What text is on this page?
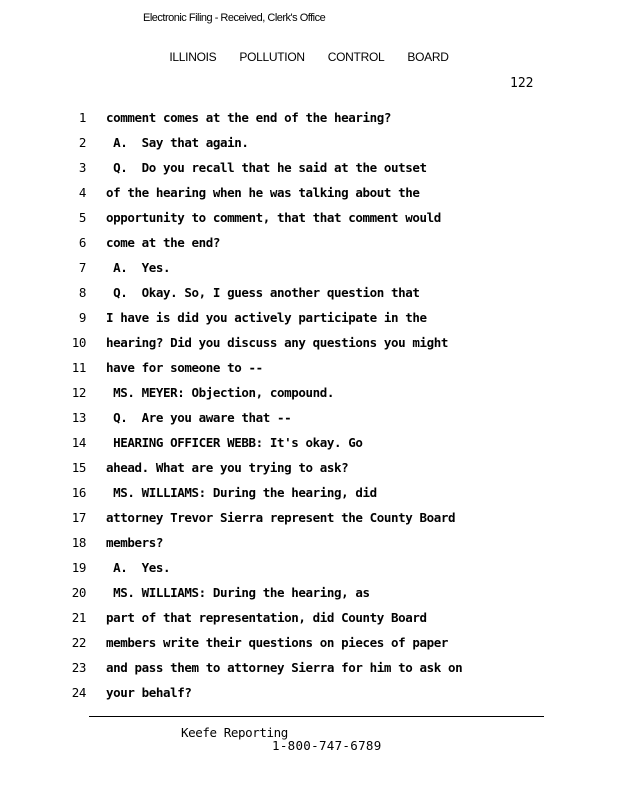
Electronic Filing - Received, Clerk's Office
ILLINOIS POLLUTION CONTROL BOARD
122
1 comment comes at the end of the hearing?
2 A.  Say that again.
3 Q.  Do you recall that he said at the outset
4 of the hearing when he was talking about the
5 opportunity to comment, that that comment would
6 come at the end?
7 A.  Yes.
8 Q.  Okay. So, I guess another question that
9 I have is did you actively participate in the
10 hearing? Did you discuss any questions you might
11 have for someone to --
12 MS. MEYER: Objection, compound.
13 Q.  Are you aware that --
14 HEARING OFFICER WEBB: It's okay. Go
15 ahead. What are you trying to ask?
16 MS. WILLIAMS: During the hearing, did
17 attorney Trevor Sierra represent the County Board
18 members?
19 A.  Yes.
20 MS. WILLIAMS: During the hearing, as
21 part of that representation, did County Board
22 members write their questions on pieces of paper
23 and pass them to attorney Sierra for him to ask on
24 your behalf?
Keefe Reporting
1-800-747-6789
